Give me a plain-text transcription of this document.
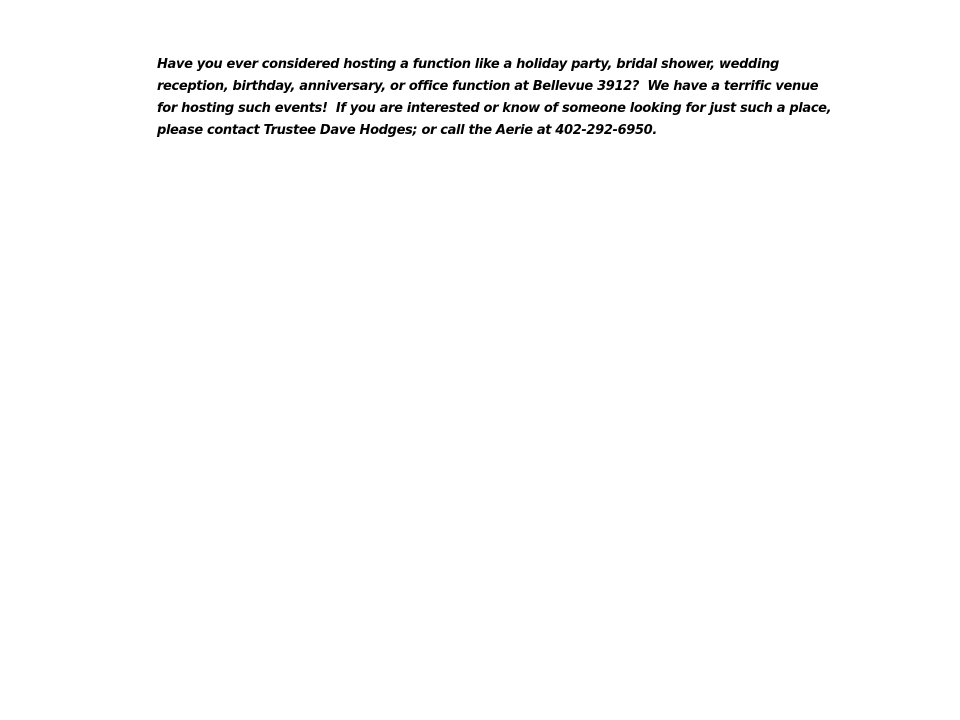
Have you ever considered hosting a function like a holiday party, bridal shower, wedding
reception, birthday, anniversary, or office function at Bellevue 3912?  We have a terrific venue
for hosting such events!  If you are interested or know of someone looking for just such a place,
please contact Trustee Dave Hodges; or call the Aerie at 402-292-6950.
